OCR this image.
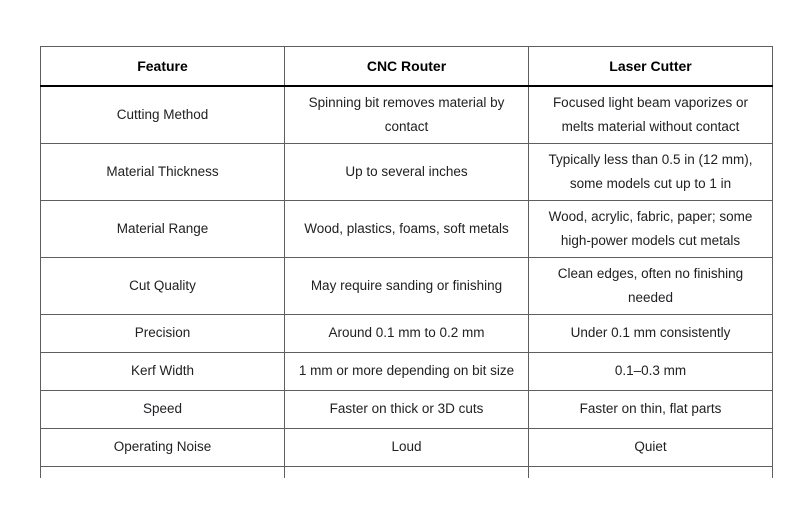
Feature	CNC Router	Laser Cutter
Cutting Method	Spinning bit removes material by contact	Focused light beam vaporizes or melts material without contact
Material Thickness	Up to several inches	Typically less than 0.5 in (12 mm), some models cut up to 1 in
Material Range	Wood, plastics, foams, soft metals	Wood, acrylic, fabric, paper; some high-power models cut metals
Cut Quality	May require sanding or finishing	Clean edges, often no finishing needed
Precision	Around 0.1 mm to 0.2 mm	Under 0.1 mm consistently
Kerf Width	1 mm or more depending on bit size	0.1–0.3 mm
Speed	Faster on thick or 3D cuts	Faster on thin, flat parts
Operating Noise	Loud	Quiet
